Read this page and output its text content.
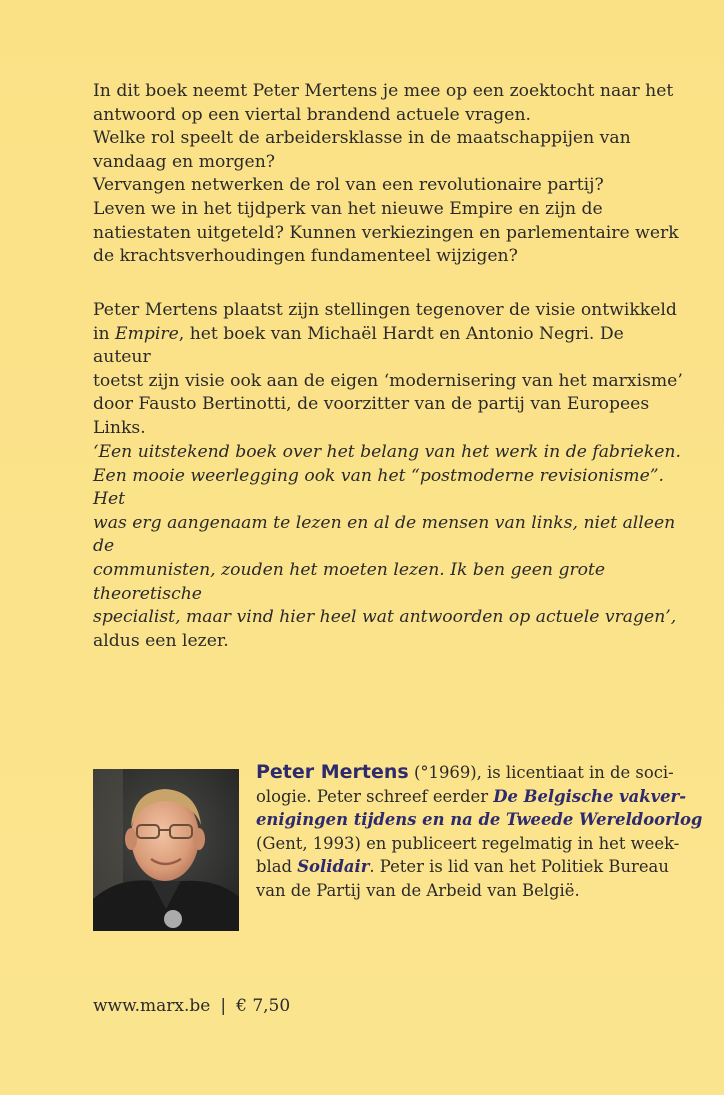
In dit boek neemt Peter Mertens je mee op een zoektocht naar het

antwoord op een viertal brandend actuele vragen.

Welke rol speelt de arbeidersklasse in de maatschappijen van

vandaag en morgen?

Vervangen netwerken de rol van een revolutionaire partij?

Leven we in het tijdperk van het nieuwe Empire en zijn de

natiestaten uitgeteld? Kunnen verkiezingen en parlementaire werk

de krachtsverhoudingen fundamenteel wijzigen?

Peter Mertens plaatst zijn stellingen tegenover de visie ontwikkeld

in Empire, het boek van Michaël Hardt en Antonio Negri. De auteur

toetst zijn visie ook aan de eigen ‘modernisering van het marxisme’

door Fausto Bertinotti, de voorzitter van de partij van Europees

Links.

‘Een uitstekend boek over het belang van het werk in de fabrieken.

Een mooie weerlegging ook van het “postmoderne revisionisme”. Het

was erg aangenaam te lezen en al de mensen van links, niet alleen de

communisten, zouden het moeten lezen. Ik ben geen grote theoretische

specialist, maar vind hier heel wat antwoorden op actuele vragen’,

aldus een lezer.

Peter Mertens (°1969), is licentiaat in de soci-

ologie. Peter schreef eerder De Belgische vakver-

enigingen tijdens en na de Tweede Wereldoorlog

(Gent, 1993) en publiceert regelmatig in het week-

blad Solidair. Peter is lid van het Politiek Bureau

van de Partij van de Arbeid van België.

www.marx.be | € 7,50
